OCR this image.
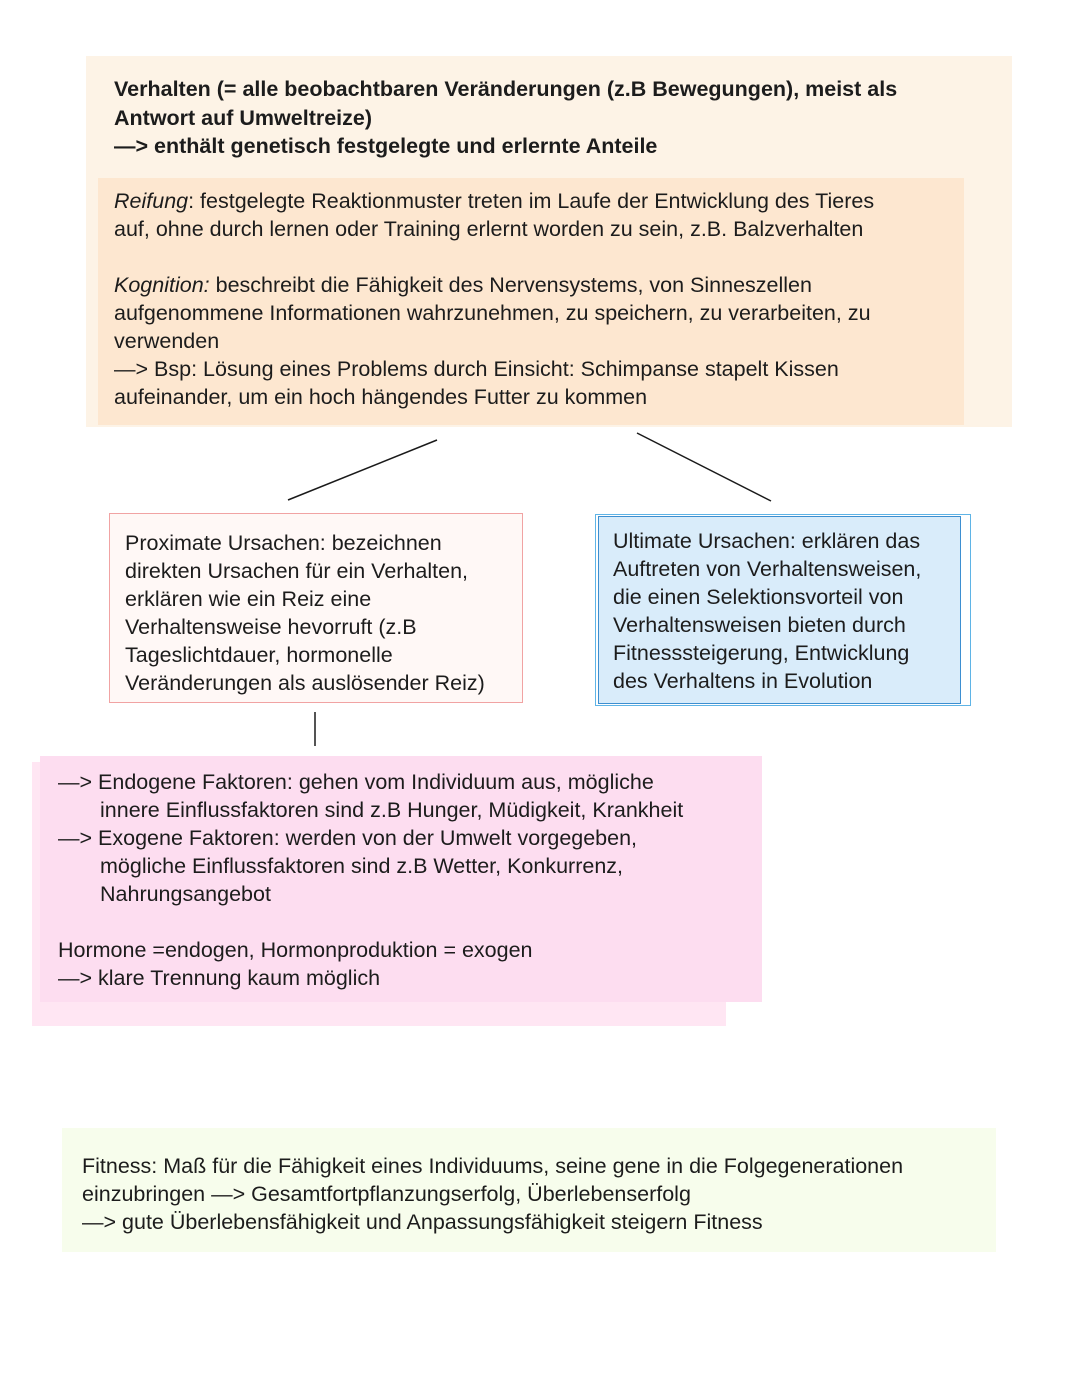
Verhalten (= alle beobachtbaren Veränderungen (z.B Bewegungen), meist als
Antwort auf Umweltreize)
—> enthält genetisch festgelegte und erlernte Anteile
Reifung: festgelegte Reaktionmuster treten im Laufe der Entwicklung des Tieres
auf, ohne durch lernen oder Training erlernt worden zu sein, z.B. Balzverhalten
Kognition: beschreibt die Fähigkeit des Nervensystems, von Sinneszellen
aufgenommene Informationen wahrzunehmen, zu speichern, zu verarbeiten, zu
verwenden
—> Bsp: Lösung eines Problems durch Einsicht: Schimpanse stapelt Kissen
aufeinander, um ein hoch hängendes Futter zu kommen
Proximate Ursachen: bezeichnen
direkten Ursachen für ein Verhalten,
erklären wie ein Reiz eine
Verhaltensweise hevorruft (z.B
Tageslichtdauer, hormonelle
Veränderungen als auslösender Reiz)
Ultimate Ursachen: erklären das
Auftreten von Verhaltensweisen,
die einen Selektionsvorteil von
Verhaltensweisen bieten durch
Fitnesssteigerung, Entwicklung
des Verhaltens in Evolution
—> Endogene Faktoren: gehen vom Individuum aus, mögliche
innere Einflussfaktoren sind z.B Hunger, Müdigkeit, Krankheit
—> Exogene Faktoren: werden von der Umwelt vorgegeben,
mögliche Einflussfaktoren sind z.B Wetter, Konkurrenz,
Nahrungsangebot
Hormone =endogen, Hormonproduktion = exogen
—> klare Trennung kaum möglich
Fitness: Maß für die Fähigkeit eines Individuums, seine gene in die Folgegenerationen
einzubringen —> Gesamtfortpflanzungserfolg, Überlebenserfolg
—> gute Überlebensfähigkeit und Anpassungsfähigkeit steigern Fitness
